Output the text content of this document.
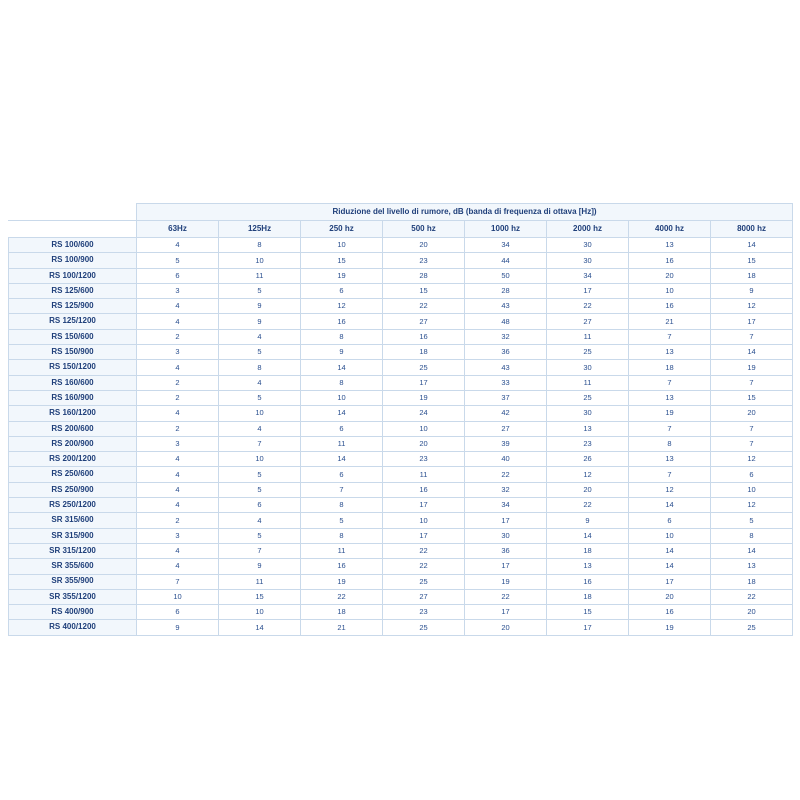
	Riduzione del livello di rumore, dB (banda di frequenza di ottava [Hz])							
	63Hz	125Hz	250 hz	500 hz	1000 hz	2000 hz	4000 hz	8000 hz
RS 100/600	4	8	10	20	34	30	13	14
RS 100/900	5	10	15	23	44	30	16	15
RS 100/1200	6	11	19	28	50	34	20	18
RS 125/600	3	5	6	15	28	17	10	9
RS 125/900	4	9	12	22	43	22	16	12
RS 125/1200	4	9	16	27	48	27	21	17
RS 150/600	2	4	8	16	32	11	7	7
RS 150/900	3	5	9	18	36	25	13	14
RS 150/1200	4	8	14	25	43	30	18	19
RS 160/600	2	4	8	17	33	11	7	7
RS 160/900	2	5	10	19	37	25	13	15
RS 160/1200	4	10	14	24	42	30	19	20
RS 200/600	2	4	6	10	27	13	7	7
RS 200/900	3	7	11	20	39	23	8	7
RS 200/1200	4	10	14	23	40	26	13	12
RS 250/600	4	5	6	11	22	12	7	6
RS 250/900	4	5	7	16	32	20	12	10
RS 250/1200	4	6	8	17	34	22	14	12
SR 315/600	2	4	5	10	17	9	6	5
SR 315/900	3	5	8	17	30	14	10	8
SR 315/1200	4	7	11	22	36	18	14	14
SR 355/600	4	9	16	22	17	13	14	13
SR 355/900	7	11	19	25	19	16	17	18
SR 355/1200	10	15	22	27	22	18	20	22
RS 400/900	6	10	18	23	17	15	16	20
RS 400/1200	9	14	21	25	20	17	19	25
